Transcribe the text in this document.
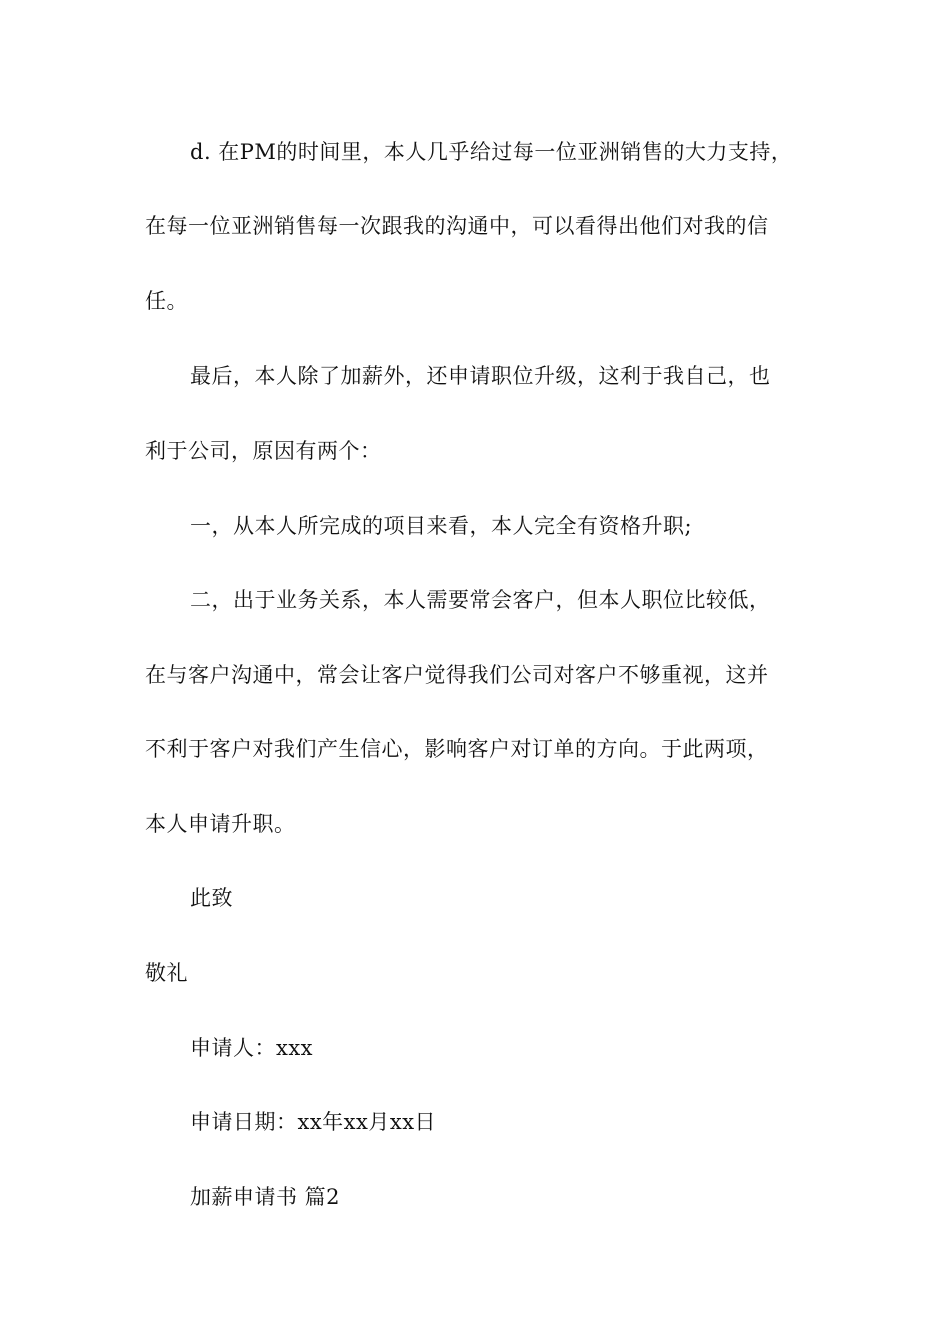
d. 在PM的时间里，本人几乎给过每一位亚洲销售的大力支持，
在每一位亚洲销售每一次跟我的沟通中，可以看得出他们对我的信
任。
最后，本人除了加薪外，还申请职位升级，这利于我自己，也
利于公司，原因有两个：
一，从本人所完成的项目来看，本人完全有资格升职;
二，出于业务关系，本人需要常会客户，但本人职位比较低，
在与客户沟通中，常会让客户觉得我们公司对客户不够重视，这并
不利于客户对我们产生信心，影响客户对订单的方向。于此两项，
本人申请升职。
此致
敬礼
申请人：xxx
申请日期：xx年xx月xx日
加薪申请书 篇2
